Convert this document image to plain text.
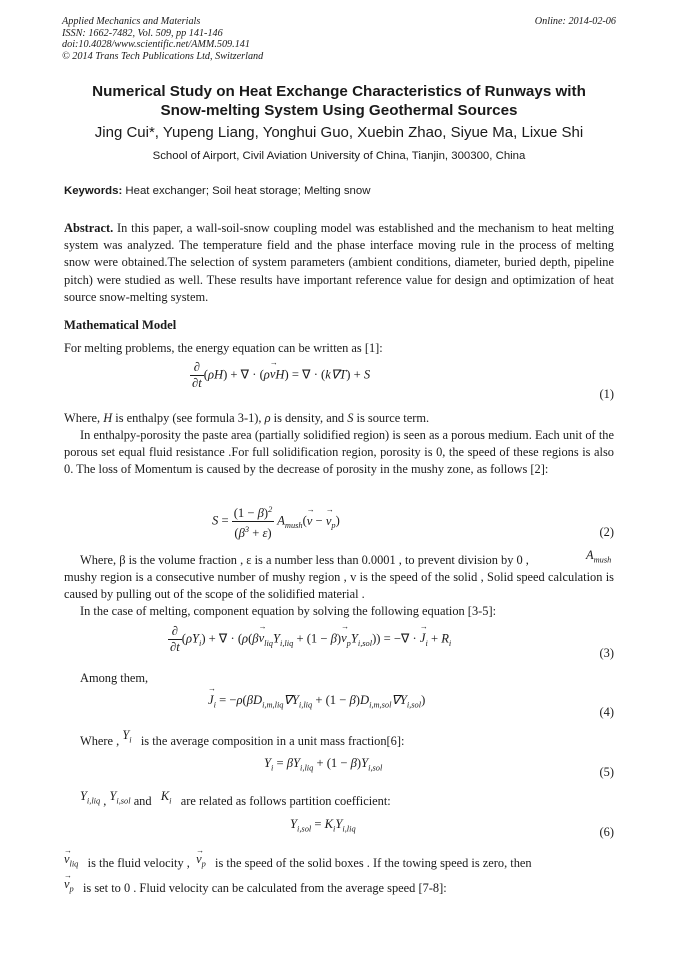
Applied Mechanics and Materials
ISSN: 1662-7482, Vol. 509, pp 141-146
doi:10.4028/www.scientific.net/AMM.509.141
© 2014 Trans Tech Publications Ltd, Switzerland
Online: 2014-02-06
Numerical Study on Heat Exchange Characteristics of Runways with
Snow-melting System Using Geothermal Sources
Jing Cui*, Yupeng Liang, Yonghui Guo, Xuebin Zhao, Siyue Ma, Lixue Shi
School of Airport, Civil Aviation University of China, Tianjin, 300300, China
Keywords: Heat exchanger; Soil heat storage; Melting snow
Abstract. In this paper, a wall-soil-snow coupling model was established and the mechanism to heat melting system was analyzed. The temperature field and the phase interface moving rule in the process of melting snow were obtained.The selection of system parameters (ambient conditions, diameter, buried depth, pipeline pitch) were studied as well. These results have important reference value for design and optimization of heat source snow-melting system.
Mathematical Model
For melting problems, the energy equation can be written as [1]:
$\frac{\partial}{\partial t} (\rho H)$ + ∇ · (ρ→ vH) = ∇ · (k∇T) + S
(1)
Where, H is enthalpy (see formula 3-1), ρ is density, and S is source term.
In enthalpy-porosity the paste area (partially solidified region) is seen as a porous medium. Each unit of the porous set equal fluid resistance .For full solidification region, porosity is 0, the speed of these regions is also 0. The loss of Momentum is caused by the decrease of porosity in the mushy zone, as follows [2]:
$S = \frac{(1 - \beta)^2}{(\beta^3 + \varepsilon)} A_{mush}(\to v$ − → $v_p$)
(2)
Where, β is the volume fraction , ε is a number less than 0.0001 , to prevent division by 0 ,	$A_{mush}$
mushy region is a consecutive number of mushy region , v is the speed of the solid , Solid speed calculation is caused by pulling out of the scope of the solidified material .
In the case of melting, component equation by solving the following equation [3-5]:
$\frac{\partial}{\partial t} (\rho Y_i)$ + ∇ · $(\rho(\beta\to v_{liq}Y_{i,liq} + (1 - \beta)\to v_pY_{i,sol}))$ = −∇ · → $J_i + R_i$
(3)
Among them,
→ $J_i = -\rho(\beta D_{i,m,liq}\nabla Y_{i,liq} + (1 - \beta)D_{i,m,sol}\nabla Y_{i,sol})$
(4)
Where , $Y_i$ is the average composition in a unit mass fraction[6]:
$Y_i = \beta Y_{i,liq} + (1 - \beta)Y_{i,sol}$	(5)
$Y_{i,liq}$ , $Y_{i,sol}$ and $K_i$ are related as follows partition coefficient:
$Y_{i,sol} = K_iY_{i,liq}$	(6)
→ $v_{liq}$ is the fluid velocity , → $v_p$ is the speed of the solid boxes . If the towing speed is zero, then
→ $v_p$ is set to 0 . Fluid velocity can be calculated from the average speed [7-8]:
